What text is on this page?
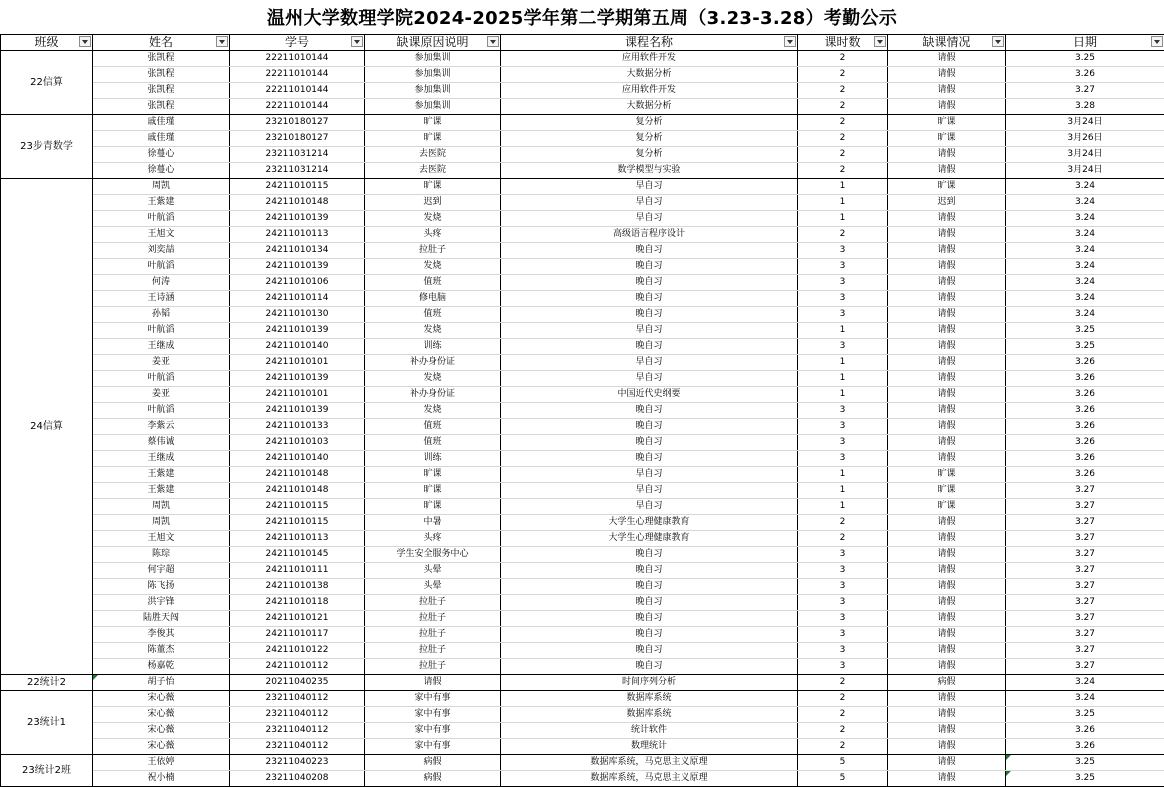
温州大学数理学院2024-2025学年第二学期第五周（3.23-3.28）考勤公示
班级	姓名	学号	缺课原因说明	课程名称	课时数	缺课情况	日期

22信算	张凯程	22211010144	参加集训	应用软件开发	2	请假	3.25
	张凯程	22211010144	参加集训	大数据分析	2	请假	3.26
	张凯程	22211010144	参加集训	应用软件开发	2	请假	3.27
	张凯程	22211010144	参加集训	大数据分析	2	请假	3.28
23步青数学	戚佳瑾	23210180127	旷课	复分析	2	旷课	3月24日
	戚佳瑾	23210180127	旷课	复分析	2	旷课	3月26日
	徐蔓心	23211031214	去医院	复分析	2	请假	3月24日
	徐蔓心	23211031214	去医院	数学模型与实验	2	请假	3月24日
24信算	周凯	24211010115	旷课	早自习	1	旷课	3.24
	王紫建	24211010148	迟到	早自习	1	迟到	3.24
	叶航滔	24211010139	发烧	早自习	1	请假	3.24
	王旭文	24211010113	头疼	高级语言程序设计	2	请假	3.24
	刘奕喆	24211010134	拉肚子	晚自习	3	请假	3.24
	叶航滔	24211010139	发烧	晚自习	3	请假	3.24
	何涛	24211010106	值班	晚自习	3	请假	3.24
	王诗涵	24211010114	修电脑	晚自习	3	请假	3.24
	孙韬	24211010130	值班	晚自习	3	请假	3.24
	叶航滔	24211010139	发烧	早自习	1	请假	3.25
	王继成	24211010140	训练	晚自习	3	请假	3.25
	姜亚	24211010101	补办身份证	早自习	1	请假	3.26
	叶航滔	24211010139	发烧	早自习	1	请假	3.26
	姜亚	24211010101	补办身份证	中国近代史纲要	1	请假	3.26
	叶航滔	24211010139	发烧	晚自习	3	请假	3.26
	李紫云	24211010133	值班	晚自习	3	请假	3.26
	蔡伟诚	24211010103	值班	晚自习	3	请假	3.26
	王继成	24211010140	训练	晚自习	3	请假	3.26
	王紫建	24211010148	旷课	早自习	1	旷课	3.26
	王紫建	24211010148	旷课	早自习	1	旷课	3.27
	周凯	24211010115	旷课	早自习	1	旷课	3.27
	周凯	24211010115	中暑	大学生心理健康教育	2	请假	3.27
	王旭文	24211010113	头疼	大学生心理健康教育	2	请假	3.27
	陈琮	24211010145	学生安全服务中心	晚自习	3	请假	3.27
	何宇超	24211010111	头晕	晚自习	3	请假	3.27
	陈飞扬	24211010138	头晕	晚自习	3	请假	3.27
	洪宇锋	24211010118	拉肚子	晚自习	3	请假	3.27
	陆胜天闯	24211010121	拉肚子	晚自习	3	请假	3.27
	李俊其	24211010117	拉肚子	晚自习	3	请假	3.27
	陈董杰	24211010122	拉肚子	晚自习	3	请假	3.27
	杨嘉乾	24211010112	拉肚子	晚自习	3	请假	3.27
22统计2	胡子怡	20211040235	请假	时间序列分析	2	病假	3.24
23统计1	宋心薇	23211040112	家中有事	数据库系统	2	请假	3.24
	宋心薇	23211040112	家中有事	数据库系统	2	请假	3.25
	宋心薇	23211040112	家中有事	统计软件	2	请假	3.26
	宋心薇	23211040112	家中有事	数理统计	2	请假	3.26
23统计2班	王依婷	23211040223	病假	数据库系统，马克思主义原理	5	请假	3.25
	祝小楠	23211040208	病假	数据库系统，马克思主义原理	5	请假	3.25
